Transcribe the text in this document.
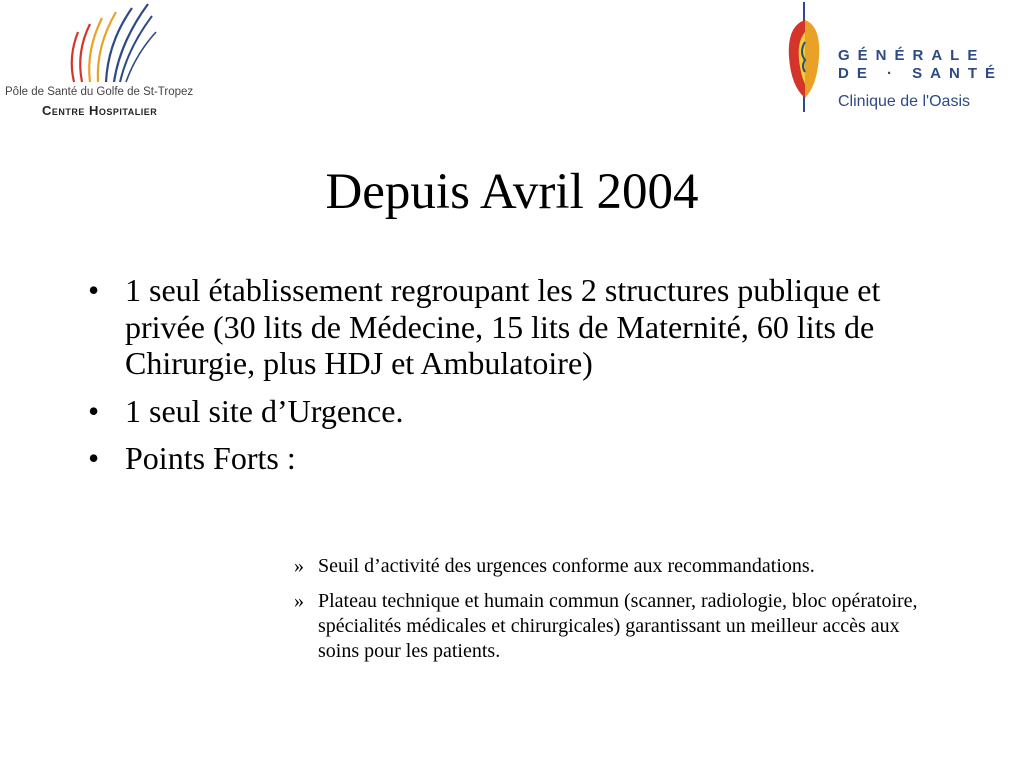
Pôle de Santé du Golfe de St-Tropez
Centre Hospitalier
GÉNÉRALE
DE · SANTÉ
Clinique de l'Oasis
Depuis Avril 2004
• 1 seul établissement regroupant les 2 structures publique et privée (30 lits de Médecine, 15 lits de Maternité, 60 lits de Chirurgie, plus HDJ et Ambulatoire)
• 1 seul site d’Urgence.
• Points Forts :
» Seuil d’activité des urgences conforme aux recommandations.
» Plateau technique et humain commun (scanner, radiologie, bloc opératoire, spécialités médicales et chirurgicales) garantissant un meilleur accès aux soins pour les patients.
